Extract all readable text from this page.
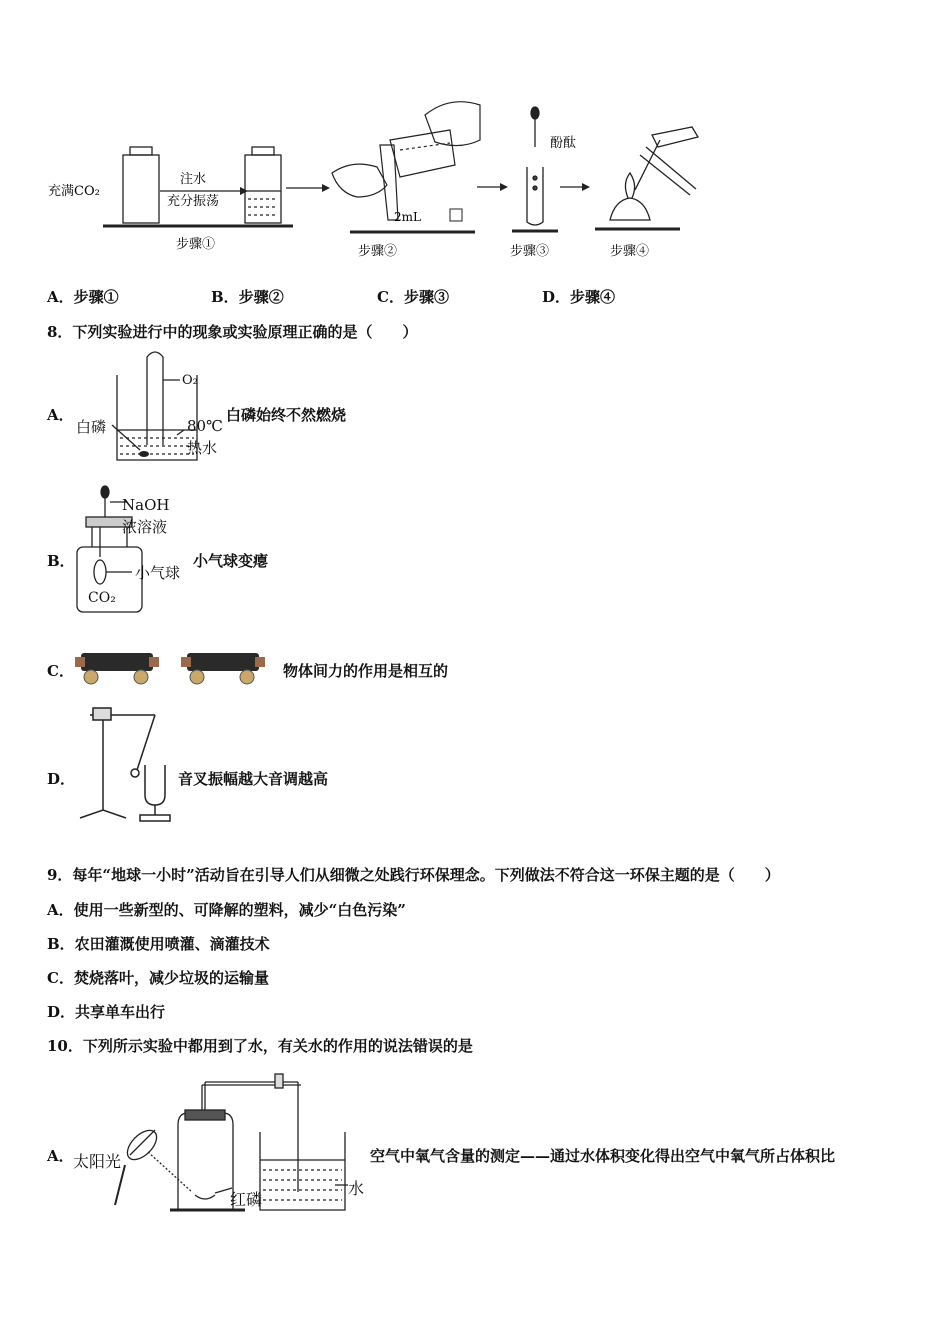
充满CO₂
注水
充分振荡
步骤①
2mL
步骤②
酚酞
步骤③	步骤④
A．步骤①	B．步骤②	C．步骤③	D．步骤④
8．下列实验进行中的现象或实验原理正确的是（　　）
A．
O₂
白磷	80℃
热水
白磷始终不然燃烧
B．
NaOH
浓溶液
小气球
CO₂
小气球变瘪
C．	物体间力的作用是相互的
D．	音叉振幅越大音调越高
9．每年“地球一小时”活动旨在引导人们从细微之处践行环保理念。下列做法不符合这一环保主题的是（　　）
A．使用一些新型的、可降解的塑料，减少“白色污染”
B．农田灌溉使用喷灌、滴灌技术
C．焚烧落叶，减少垃圾的运输量
D．共享单车出行
10．下列所示实验中都用到了水，有关水的作用的说法错误的是
A． 太阳光
红磷
水
空气中氧气含量的测定——通过水体积变化得出空气中氧气所占体积比
